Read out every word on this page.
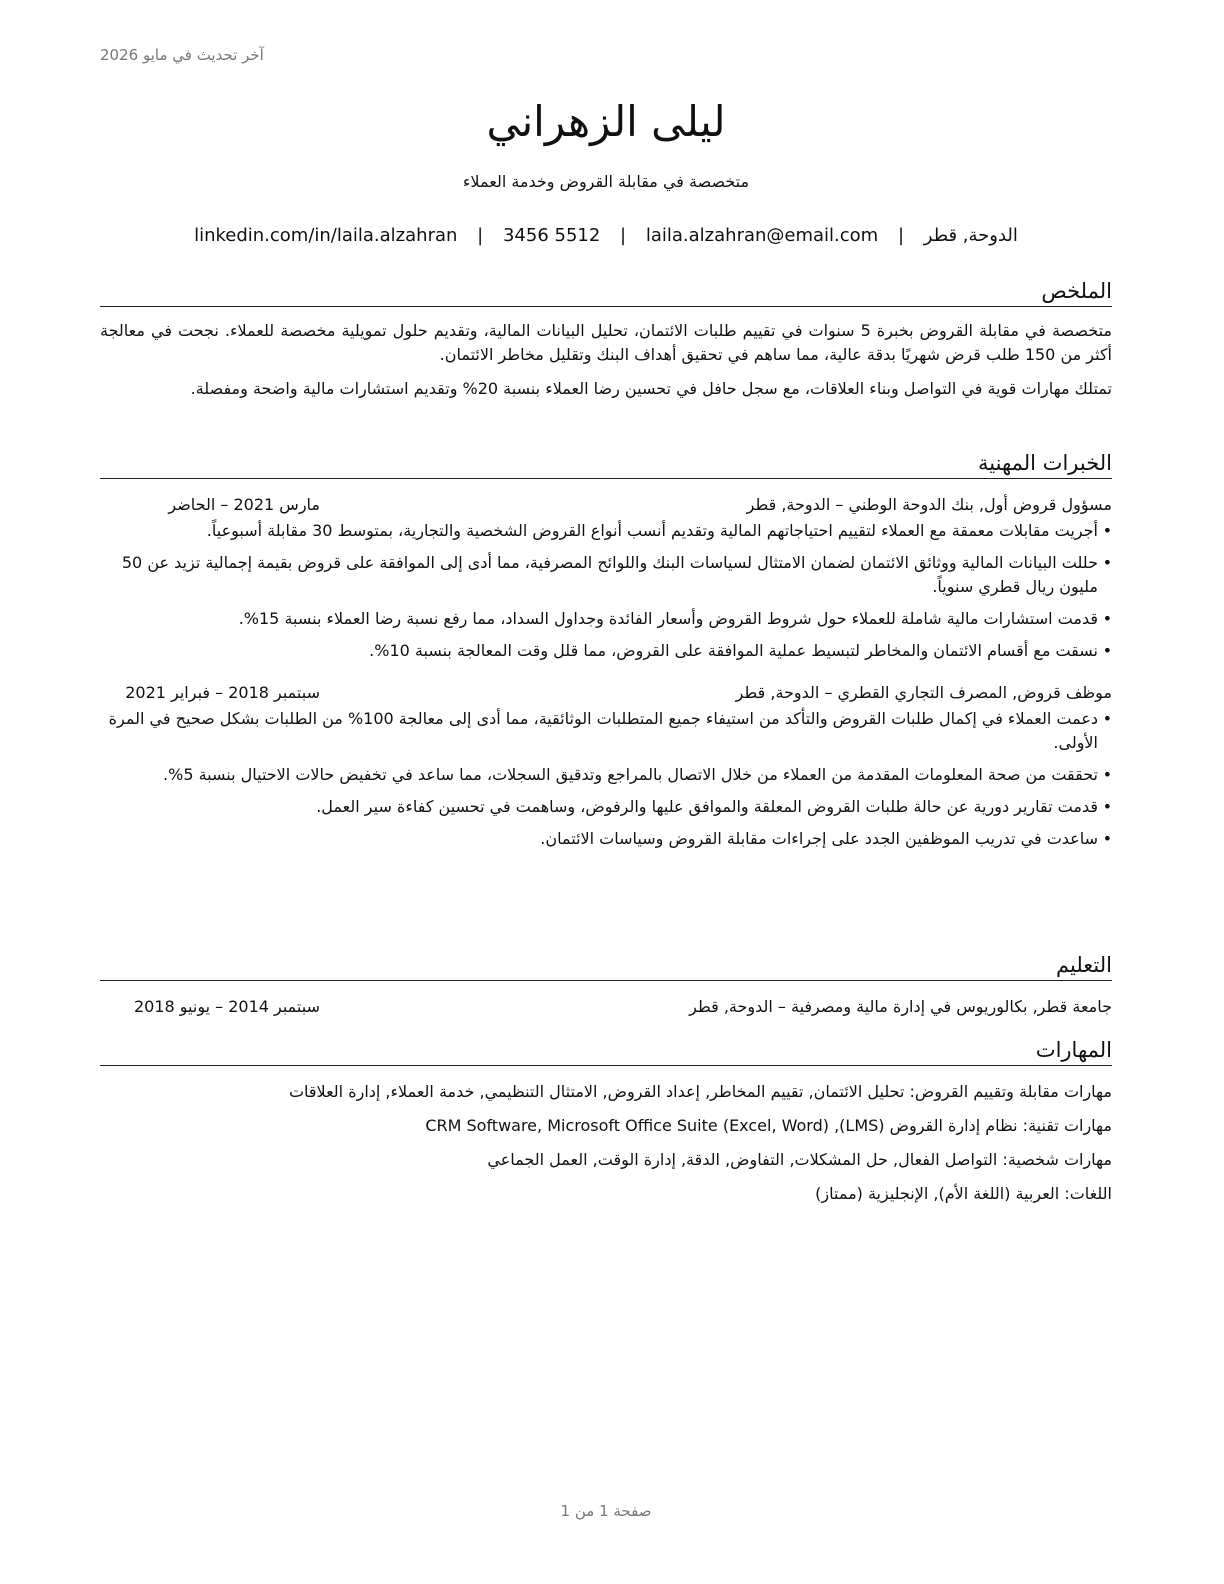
آخر تحديث في مايو 2026
ليلى الزهراني
متخصصة في مقابلة القروض وخدمة العملاء
الدوحة, قطر | laila.alzahran@email.com | 3456 5512 | linkedin.com/in/laila.alzahran
الملخص

متخصصة في مقابلة القروض بخبرة 5 سنوات في تقييم طلبات الائتمان، تحليل البيانات المالية، وتقديم حلول تمويلية مخصصة للعملاء. نجحت في معالجة أكثر من 150 طلب قرض شهريًا بدقة عالية، مما ساهم في تحقيق أهداف البنك وتقليل مخاطر الائتمان.

تمتلك مهارات قوية في التواصل وبناء العلاقات، مع سجل حافل في تحسين رضا العملاء بنسبة 20% وتقديم استشارات مالية واضحة ومفصلة.

الخبرات المهنية
مسؤول قروض أول, بنك الدوحة الوطني – الدوحة, قطر
مارس 2021 – الحاضر
• أجريت مقابلات معمقة مع العملاء لتقييم احتياجاتهم المالية وتقديم أنسب أنواع القروض الشخصية والتجارية، بمتوسط 30 مقابلة أسبوعياً.
• حللت البيانات المالية ووثائق الائتمان لضمان الامتثال لسياسات البنك واللوائح المصرفية، مما أدى إلى الموافقة على قروض بقيمة إجمالية تزيد عن 50 مليون ريال قطري سنوياً.
• قدمت استشارات مالية شاملة للعملاء حول شروط القروض وأسعار الفائدة وجداول السداد، مما رفع نسبة رضا العملاء بنسبة 15%.
• نسقت مع أقسام الائتمان والمخاطر لتبسيط عملية الموافقة على القروض، مما قلل وقت المعالجة بنسبة 10%.
موظف قروض, المصرف التجاري القطري – الدوحة, قطر
سبتمبر 2018 – فبراير 2021
• دعمت العملاء في إكمال طلبات القروض والتأكد من استيفاء جميع المتطلبات الوثائقية، مما أدى إلى معالجة 100% من الطلبات بشكل صحيح في المرة الأولى.
• تحققت من صحة المعلومات المقدمة من العملاء من خلال الاتصال بالمراجع وتدقيق السجلات، مما ساعد في تخفيض حالات الاحتيال بنسبة 5%.
• قدمت تقارير دورية عن حالة طلبات القروض المعلقة والموافق عليها والرفوض، وساهمت في تحسين كفاءة سير العمل.
• ساعدت في تدريب الموظفين الجدد على إجراءات مقابلة القروض وسياسات الائتمان.
التعليم
جامعة قطر, بكالوريوس في إدارة مالية ومصرفية – الدوحة, قطر
سبتمبر 2014 – يونيو 2018
المهارات
مهارات مقابلة وتقييم القروض: تحليل الائتمان, تقييم المخاطر, إعداد القروض, الامتثال التنظيمي, خدمة العملاء, إدارة العلاقات
مهارات تقنية: نظام إدارة القروض (LMS), CRM Software, Microsoft Office Suite (Excel, Word)
مهارات شخصية: التواصل الفعال, حل المشكلات, التفاوض, الدقة, إدارة الوقت, العمل الجماعي
اللغات: العربية (اللغة الأم), الإنجليزية (ممتاز)
صفحة 1 من 1
